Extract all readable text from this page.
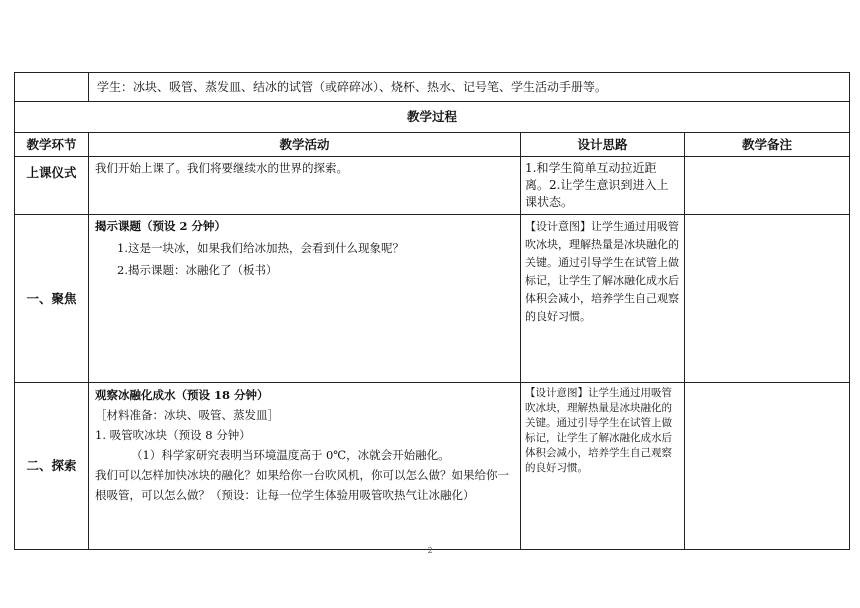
	学生：冰块、吸管、蒸发皿、结冰的试管（或碎碎冰）、烧杯、热水、记号笔、学生活动手册等。		
教学过程			
教学环节	教学活动	设计思路	教学备注
上课仪式	我们开始上课了。我们将要继续水的世界的探索。	1.和学生简单互动拉近距离。2.让学生意识到进入上课状态。	
一、聚焦	揭示课题（预设 2 分钟）

1.这是一块冰，如果我们给冰加热，会看到什么现象呢？

2.揭示课题：冰融化了（板书）	【设计意图】让学生通过用吸管吹冰块，理解热量是冰块融化的关键。通过引导学生在试管上做标记，让学生了解冰融化成水后体积会减小，培养学生自己观察的良好习惯。	
二、探索	观察冰融化成水（预设 18 分钟）

［材料准备：冰块、吸管、蒸发皿］

1. 吸管吹冰块（预设 8 分钟）

（1）科学家研究表明当环境温度高于 0℃，冰就会开始融化。

我们可以怎样加快冰块的融化？如果给你一台吹风机，你可以怎么做？如果给你一根吸管，可以怎么做？（预设：让每一位学生体验用吸管吹热气让冰融化）	【设计意图】让学生通过用吸管吹冰块，理解热量是冰块融化的关键。通过引导学生在试管上做标记，让学生了解冰融化成水后体积会减小，培养学生自己观察的良好习惯。	
2
